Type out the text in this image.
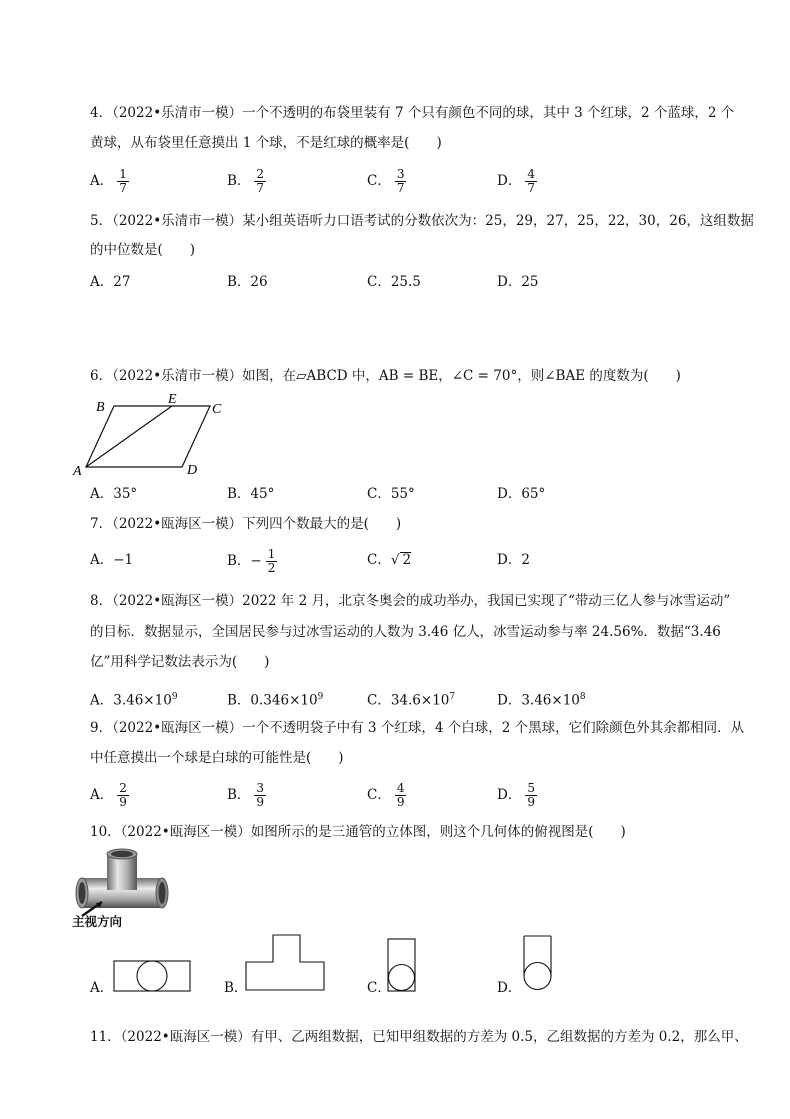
4．（2022•乐清市一模）一个不透明的布袋里装有 7 个只有颜色不同的球，其中 3 个红球，2 个蓝球，2 个
黄球，从布袋里任意摸出 1 个球，不是红球的概率是(　　)
A． $\frac{1}{7}$	B． $\frac{2}{7}$	C． $\frac{3}{7}$	D． $\frac{4}{7}$
5．（2022•乐清市一模）某小组英语听力口语考试的分数依次为：25，29，27，25，22，30，26，这组数据
的中位数是(　　)
A．27	B．26	C．25.5	D．25
6．（2022•乐清市一模）如图，在▱ABCD 中，AB = BE，∠C = 70°，则∠BAE 的度数为(　　)
B
E
C
A	D
A．35°	B．45°	C．55°	D．65°
7．（2022•瓯海区一模）下列四个数最大的是(　　)
A．−1	B．− $\frac{1}{2}$	C．√ 2	D．2
8．（2022•瓯海区一模）2022 年 2 月，北京冬奥会的成功举办，我国已实现了“带动三亿人参与冰雪运动”
的目标．数据显示，全国居民参与过冰雪运动的人数为 3.46 亿人，冰雪运动参与率 24.56%．数据“3.46
亿”用科学记数法表示为(　　)
A．$3.46\times 10^9$	B．$0.346\times 10^9$	C．$34.6\times 10^7$	D．$3.46\times 10^8$
9．（2022•瓯海区一模）一个不透明袋子中有 3 个红球，4 个白球，2 个黑球，它们除颜色外其余都相同．从
中任意摸出一个球是白球的可能性是(　　)
A． $\frac{2}{9}$	B． $\frac{3}{9}$	C． $\frac{4}{9}$	D． $\frac{5}{9}$
10．（2022•瓯海区一模）如图所示的是三通管的立体图，则这个几何体的俯视图是(　　)
主视方向
A．	B．	C．	D．
11．（2022•瓯海区一模）有甲、乙两组数据，已知甲组数据的方差为 0.5，乙组数据的方差为 0.2，那么甲、
